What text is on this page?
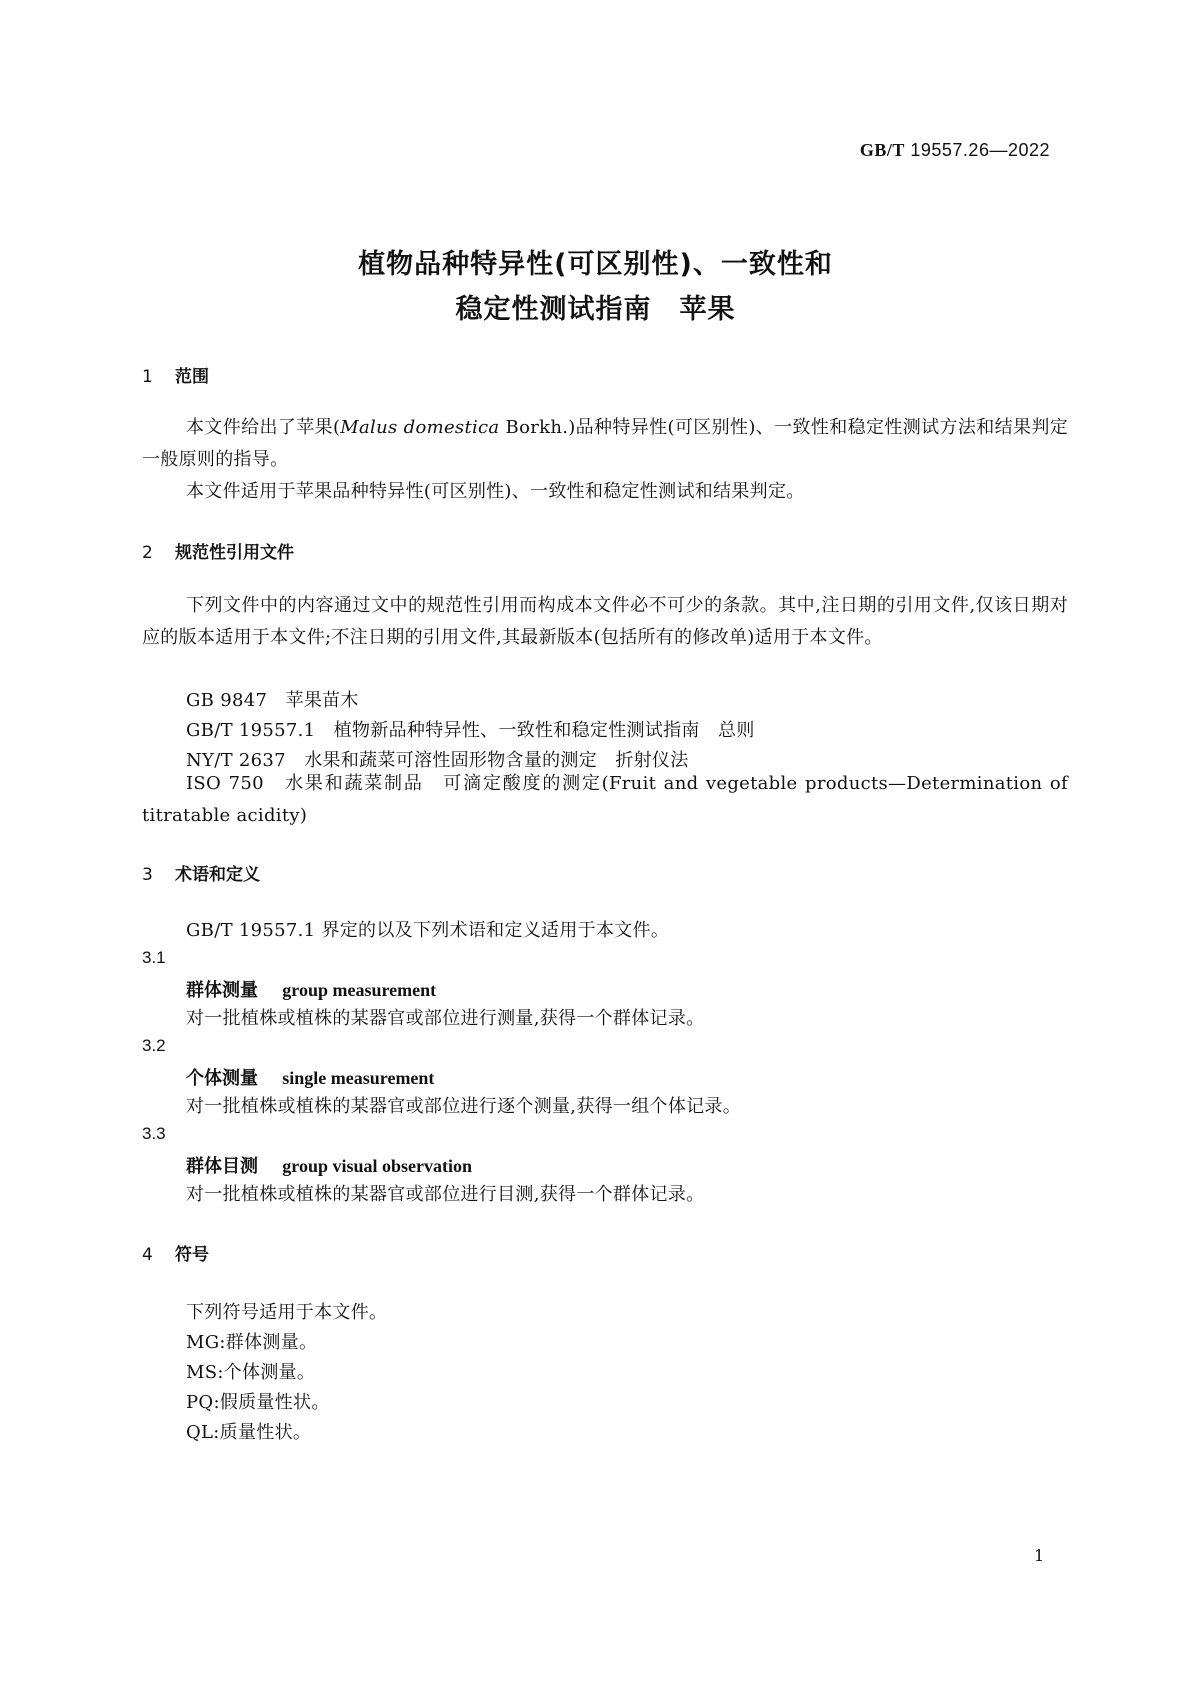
GB/T 19557.26—2022
植物品种特异性(可区别性)、一致性和
稳定性测试指南　苹果
1 范围
本文件给出了苹果(Malus domestica Borkh.)品种特异性(可区别性)、一致性和稳定性测试方法和结果判定一般原则的指导。
本文件适用于苹果品种特异性(可区别性)、一致性和稳定性测试和结果判定。
2 规范性引用文件
下列文件中的内容通过文中的规范性引用而构成本文件必不可少的条款。其中,注日期的引用文件,仅该日期对应的版本适用于本文件;不注日期的引用文件,其最新版本(包括所有的修改单)适用于本文件。
GB 9847　苹果苗木
GB/T 19557.1　植物新品种特异性、一致性和稳定性测试指南　总则
NY/T 2637　水果和蔬菜可溶性固形物含量的测定　折射仪法
ISO 750　水果和蔬菜制品　可滴定酸度的测定(Fruit and vegetable products—Determination of titratable acidity)
3 术语和定义
GB/T 19557.1 界定的以及下列术语和定义适用于本文件。
3.1
群体测量　 group measurement
对一批植株或植株的某器官或部位进行测量,获得一个群体记录。
3.2
个体测量　 single measurement
对一批植株或植株的某器官或部位进行逐个测量,获得一组个体记录。
3.3
群体目测　 group visual observation
对一批植株或植株的某器官或部位进行目测,获得一个群体记录。
4 符号
下列符号适用于本文件。
MG:群体测量。
MS:个体测量。
PQ:假质量性状。
QL:质量性状。
1
